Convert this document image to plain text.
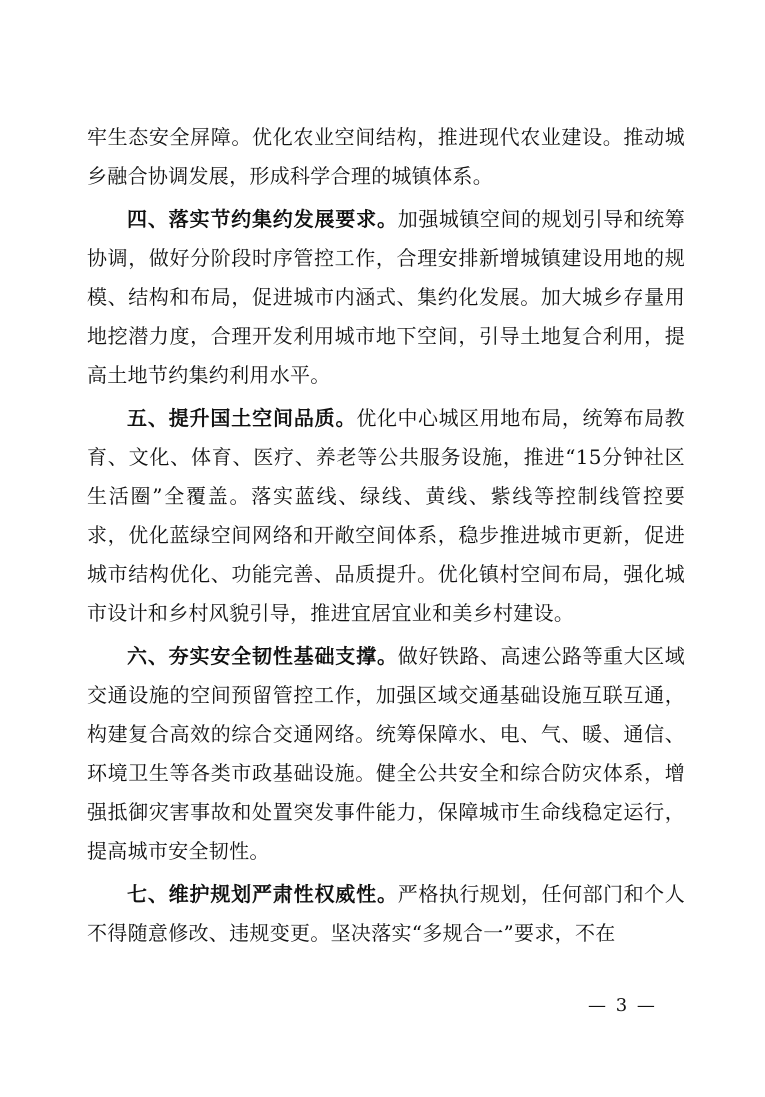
牢生态安全屏障。优化农业空间结构，推进现代农业建设。推动城乡融合协调发展，形成科学合理的城镇体系。

四、落实节约集约发展要求。加强城镇空间的规划引导和统筹协调，做好分阶段时序管控工作，合理安排新增城镇建设用地的规模、结构和布局，促进城市内涵式、集约化发展。加大城乡存量用地挖潜力度，合理开发利用城市地下空间，引导土地复合利用，提高土地节约集约利用水平。

五、提升国土空间品质。优化中心城区用地布局，统筹布局教育、文化、体育、医疗、养老等公共服务设施，推进“15分钟社区生活圈”全覆盖。落实蓝线、绿线、黄线、紫线等控制线管控要求，优化蓝绿空间网络和开敞空间体系，稳步推进城市更新，促进城市结构优化、功能完善、品质提升。优化镇村空间布局，强化城市设计和乡村风貌引导，推进宜居宜业和美乡村建设。

六、夯实安全韧性基础支撑。做好铁路、高速公路等重大区域交通设施的空间预留管控工作，加强区域交通基础设施互联互通，构建复合高效的综合交通网络。统筹保障水、电、气、暖、通信、环境卫生等各类市政基础设施。健全公共安全和综合防灾体系，增强抵御灾害事故和处置突发事件能力，保障城市生命线稳定运行，提高城市安全韧性。

七、维护规划严肃性权威性。严格执行规划，任何部门和个人不得随意修改、违规变更。坚决落实“多规合一”要求，不在

— 3 —
